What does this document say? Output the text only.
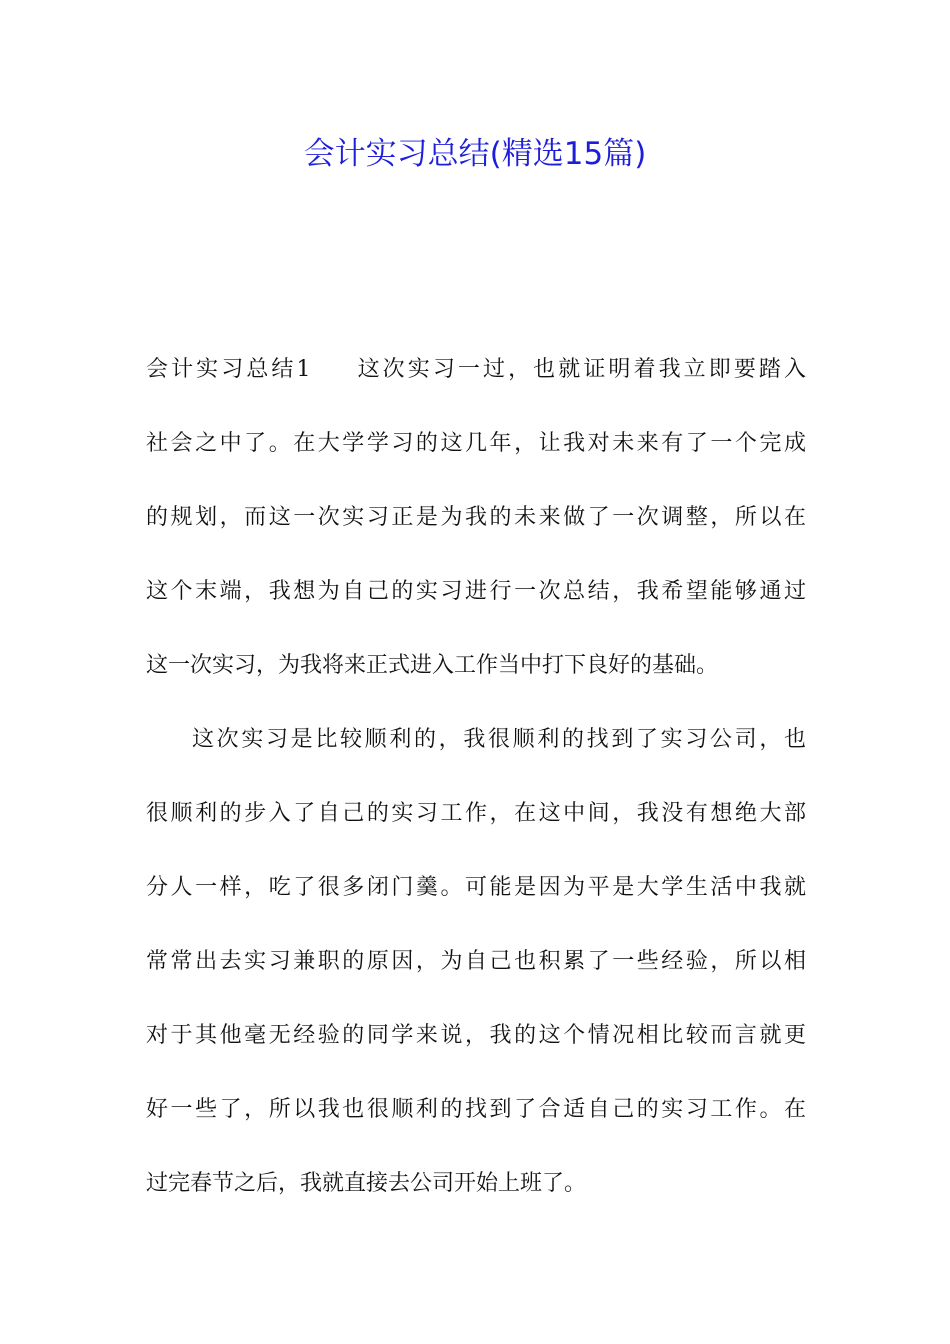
会计实习总结(精选15篇)
会计实习总结1 这次实习一过，也就证明着我立即要踏入
社会之中了。在大学学习的这几年，让我对未来有了一个完成
的规划，而这一次实习正是为我的未来做了一次调整，所以在
这个末端，我想为自己的实习进行一次总结，我希望能够通过
这一次实习，为我将来正式进入工作当中打下良好的基础。
这次实习是比较顺利的，我很顺利的找到了实习公司，也
很顺利的步入了自己的实习工作，在这中间，我没有想绝大部
分人一样，吃了很多闭门羹。可能是因为平是大学生活中我就
常常出去实习兼职的原因，为自己也积累了一些经验，所以相
对于其他毫无经验的同学来说，我的这个情况相比较而言就更
好一些了，所以我也很顺利的找到了合适自己的实习工作。在
过完春节之后，我就直接去公司开始上班了。
